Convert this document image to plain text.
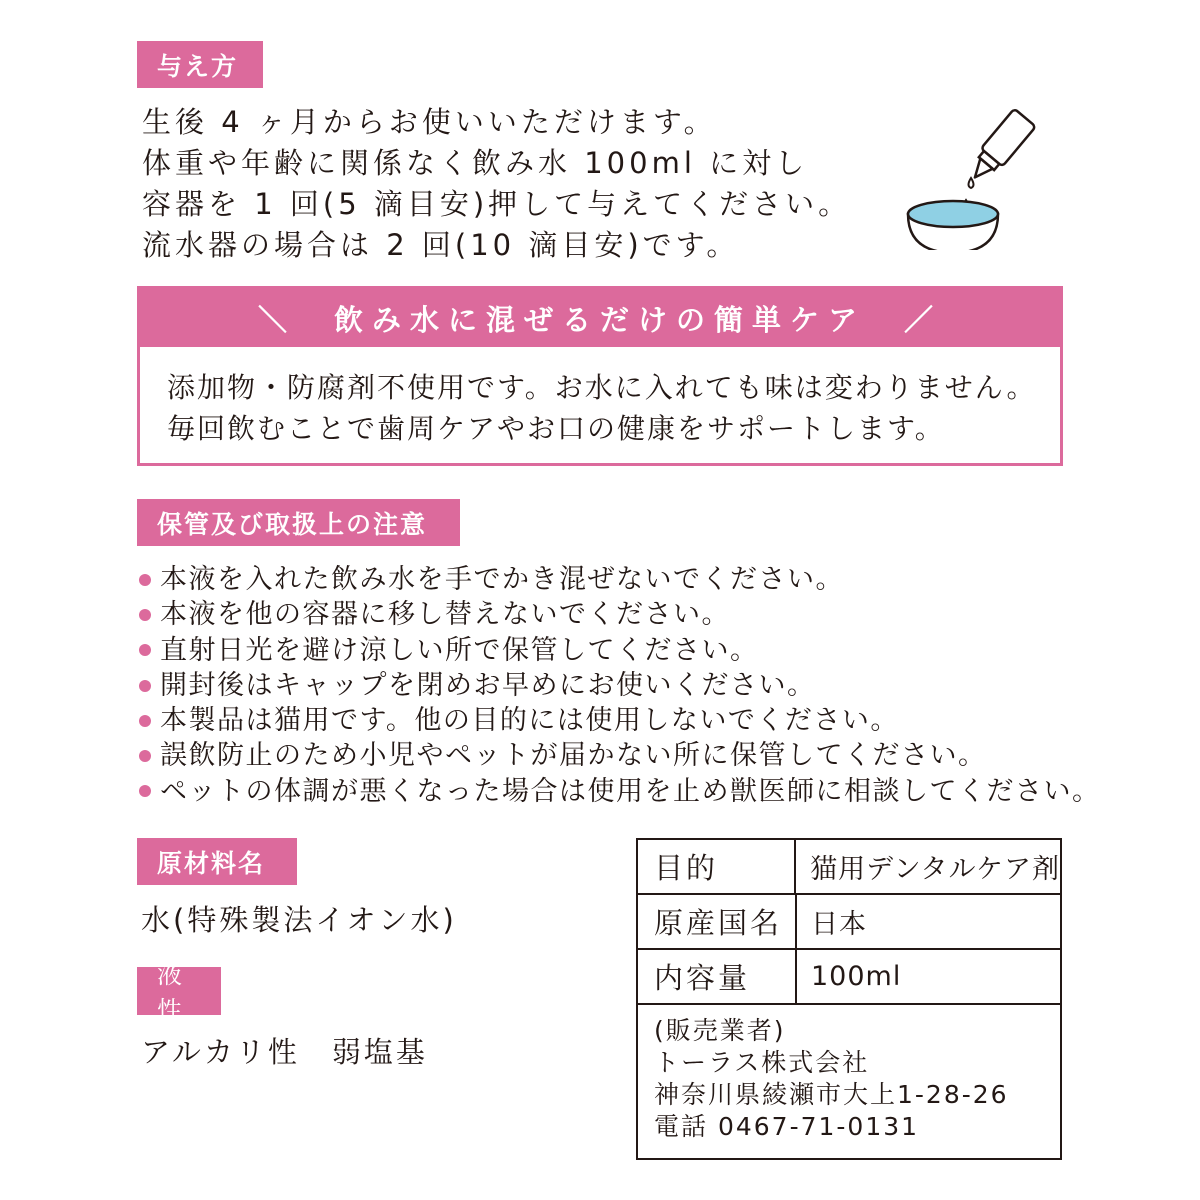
与え方
生後 4 ヶ月からお使いいただけます。
体重や年齢に関係なく飲み水 100ml に対し
容器を 1 回(5 滴目安)押して与えてください。
流水器の場合は 2 回(10 滴目安)です。
＼　飲み水に混ぜるだけの簡単ケア　／
添加物・防腐剤不使用です。お水に入れても味は変わりません。
毎回飲むことで歯周ケアやお口の健康をサポートします。
保管及び取扱上の注意
本液を入れた飲み水を手でかき混ぜないでください。
本液を他の容器に移し替えないでください。
直射日光を避け涼しい所で保管してください。
開封後はキャップを閉めお早めにお使いください。
本製品は猫用です。他の目的には使用しないでください。
誤飲防止のため小児やペットが届かない所に保管してください。
ペットの体調が悪くなった場合は使用を止め獣医師に相談してください。
原材料名
水(特殊製法イオン水)
液性
アルカリ性　弱塩基
目的	猫用デンタルケア剤
原産国名	日本
内容量	100ml
(販売業者)
トーラス株式会社
神奈川県綾瀬市大上1-28-26
電話 0467-71-0131
